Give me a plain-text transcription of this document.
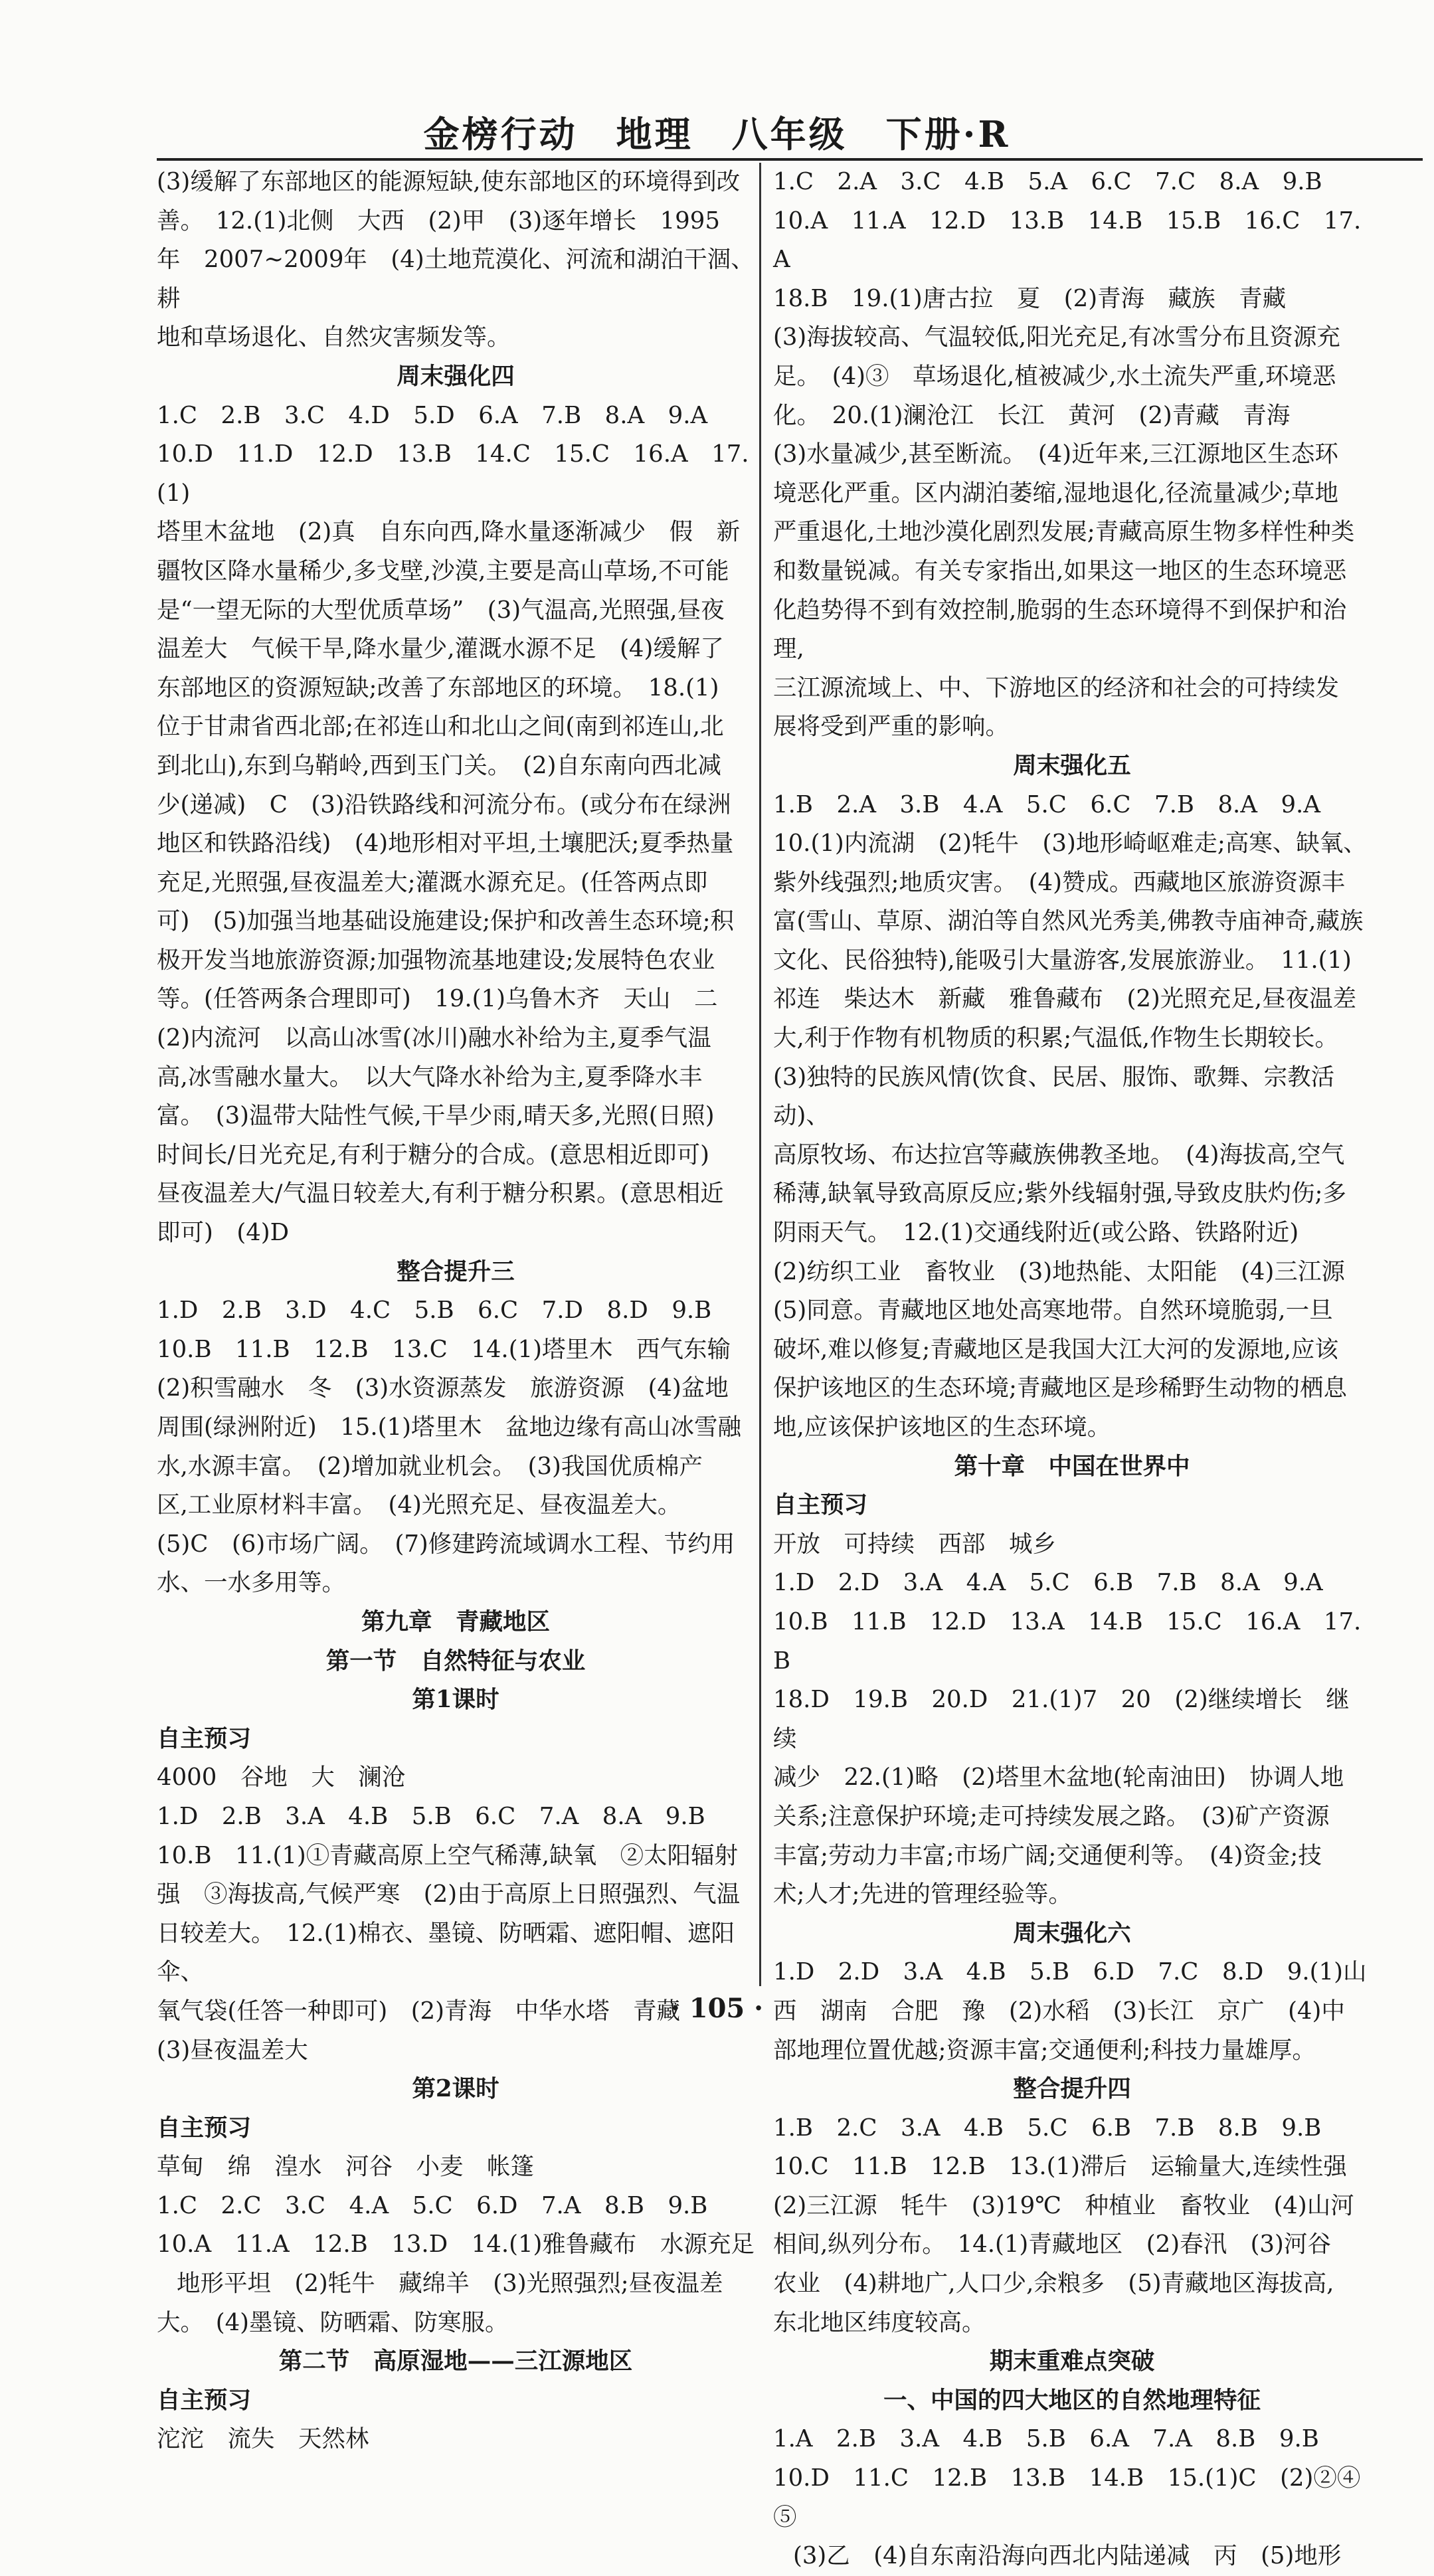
金榜行动　地理　八年级　下册·R

(3)缓解了东部地区的能源短缺,使东部地区的环境得到改

善。　12.(1)北侧　大西　(2)甲　(3)逐年增长　1995

年　2007~2009年　(4)土地荒漠化、河流和湖泊干涸、耕

地和草场退化、自然灾害频发等。

周末强化四

1.C　2.B　3.C　4.D　5.D　6.A　7.B　8.A　9.A

10.D　11.D　12.D　13.B　14.C　15.C　16.A　17.(1)

塔里木盆地　(2)真　自东向西,降水量逐渐减少　假　新

疆牧区降水量稀少,多戈壁,沙漠,主要是高山草场,不可能

是“一望无际的大型优质草场”　(3)气温高,光照强,昼夜

温差大　气候干旱,降水量少,灌溉水源不足　(4)缓解了

东部地区的资源短缺;改善了东部地区的环境。　18.(1)

位于甘肃省西北部;在祁连山和北山之间(南到祁连山,北

到北山),东到乌鞘岭,西到玉门关。　(2)自东南向西北减

少(递减)　C　(3)沿铁路线和河流分布。(或分布在绿洲

地区和铁路沿线)　(4)地形相对平坦,土壤肥沃;夏季热量

充足,光照强,昼夜温差大;灌溉水源充足。(任答两点即

可)　(5)加强当地基础设施建设;保护和改善生态环境;积

极开发当地旅游资源;加强物流基地建设;发展特色农业

等。(任答两条合理即可)　19.(1)乌鲁木齐　天山　二

(2)内流河　以高山冰雪(冰川)融水补给为主,夏季气温

高,冰雪融水量大。　以大气降水补给为主,夏季降水丰

富。　(3)温带大陆性气候,干旱少雨,晴天多,光照(日照)

时间长/日光充足,有利于糖分的合成。(意思相近即可)

昼夜温差大/气温日较差大,有利于糖分积累。(意思相近

即可)　(4)D

整合提升三

1.D　2.B　3.D　4.C　5.B　6.C　7.D　8.D　9.B

10.B　11.B　12.B　13.C　14.(1)塔里木　西气东输

(2)积雪融水　冬　(3)水资源蒸发　旅游资源　(4)盆地

周围(绿洲附近)　15.(1)塔里木　盆地边缘有高山冰雪融

水,水源丰富。　(2)增加就业机会。　(3)我国优质棉产

区,工业原材料丰富。　(4)光照充足、昼夜温差大。

(5)C　(6)市场广阔。　(7)修建跨流域调水工程、节约用

水、一水多用等。

第九章　青藏地区

第一节　自然特征与农业

第1课时

自主预习

4000　谷地　大　澜沧

1.D　2.B　3.A　4.B　5.B　6.C　7.A　8.A　9.B

10.B　11.(1)①青藏高原上空气稀薄,缺氧　②太阳辐射

强　③海拔高,气候严寒　(2)由于高原上日照强烈、气温

日较差大。　12.(1)棉衣、墨镜、防晒霜、遮阳帽、遮阳伞、

氧气袋(任答一种即可)　(2)青海　中华水塔　青藏

(3)昼夜温差大

第2课时

自主预习

草甸　绵　湟水　河谷　小麦　帐篷

1.C　2.C　3.C　4.A　5.C　6.D　7.A　8.B　9.B

10.A　11.A　12.B　13.D　14.(1)雅鲁藏布　水源充足

地形平坦　(2)牦牛　藏绵羊　(3)光照强烈;昼夜温差

大。　(4)墨镜、防晒霜、防寒服。

第二节　高原湿地——三江源地区

自主预习

沱沱　流失　天然林

1.C　2.A　3.C　4.B　5.A　6.C　7.C　8.A　9.B

10.A　11.A　12.D　13.B　14.B　15.B　16.C　17.A

18.B　19.(1)唐古拉　夏　(2)青海　藏族　青藏

(3)海拔较高、气温较低,阳光充足,有冰雪分布且资源充

足。　(4)③　草场退化,植被减少,水土流失严重,环境恶

化。　20.(1)澜沧江　长江　黄河　(2)青藏　青海

(3)水量减少,甚至断流。　(4)近年来,三江源地区生态环

境恶化严重。区内湖泊萎缩,湿地退化,径流量减少;草地

严重退化,土地沙漠化剧烈发展;青藏高原生物多样性种类

和数量锐减。有关专家指出,如果这一地区的生态环境恶

化趋势得不到有效控制,脆弱的生态环境得不到保护和治理,

三江源流域上、中、下游地区的经济和社会的可持续发

展将受到严重的影响。

周末强化五

1.B　2.A　3.B　4.A　5.C　6.C　7.B　8.A　9.A

10.(1)内流湖　(2)牦牛　(3)地形崎岖难走;高寒、缺氧、

紫外线强烈;地质灾害。　(4)赞成。西藏地区旅游资源丰

富(雪山、草原、湖泊等自然风光秀美,佛教寺庙神奇,藏族

文化、民俗独特),能吸引大量游客,发展旅游业。　11.(1)

祁连　柴达木　新藏　雅鲁藏布　(2)光照充足,昼夜温差

大,利于作物有机物质的积累;气温低,作物生长期较长。

(3)独特的民族风情(饮食、民居、服饰、歌舞、宗教活动)、

高原牧场、布达拉宫等藏族佛教圣地。　(4)海拔高,空气

稀薄,缺氧导致高原反应;紫外线辐射强,导致皮肤灼伤;多

阴雨天气。　12.(1)交通线附近(或公路、铁路附近)

(2)纺织工业　畜牧业　(3)地热能、太阳能　(4)三江源

(5)同意。青藏地区地处高寒地带。自然环境脆弱,一旦

破坏,难以修复;青藏地区是我国大江大河的发源地,应该

保护该地区的生态环境;青藏地区是珍稀野生动物的栖息

地,应该保护该地区的生态环境。

第十章　中国在世界中

自主预习

开放　可持续　西部　城乡

1.D　2.D　3.A　4.A　5.C　6.B　7.B　8.A　9.A

10.B　11.B　12.D　13.A　14.B　15.C　16.A　17.B

18.D　19.B　20.D　21.(1)7　20　(2)继续增长　继续

减少　22.(1)略　(2)塔里木盆地(轮南油田)　协调人地

关系;注意保护环境;走可持续发展之路。　(3)矿产资源

丰富;劳动力丰富;市场广阔;交通便利等。　(4)资金;技

术;人才;先进的管理经验等。

周末强化六

1.D　2.D　3.A　4.B　5.B　6.D　7.C　8.D　9.(1)山

西　湖南　合肥　豫　(2)水稻　(3)长江　京广　(4)中

部地理位置优越;资源丰富;交通便利;科技力量雄厚。

整合提升四

1.B　2.C　3.A　4.B　5.C　6.B　7.B　8.B　9.B

10.C　11.B　12.B　13.(1)滞后　运输量大,连续性强

(2)三江源　牦牛　(3)19℃　种植业　畜牧业　(4)山河

相间,纵列分布。　14.(1)青藏地区　(2)春汛　(3)河谷

农业　(4)耕地广,人口少,余粮多　(5)青藏地区海拔高,

东北地区纬度较高。

期末重难点突破

一、中国的四大地区的自然地理特征

1.A　2.B　3.A　4.B　5.B　6.A　7.A　8.B　9.B

10.D　11.C　12.B　13.B　14.B　15.(1)C　(2)②④⑤

(3)乙　(4)自东南沿海向西北内陆递减　丙　(5)地形

· 105 ·
